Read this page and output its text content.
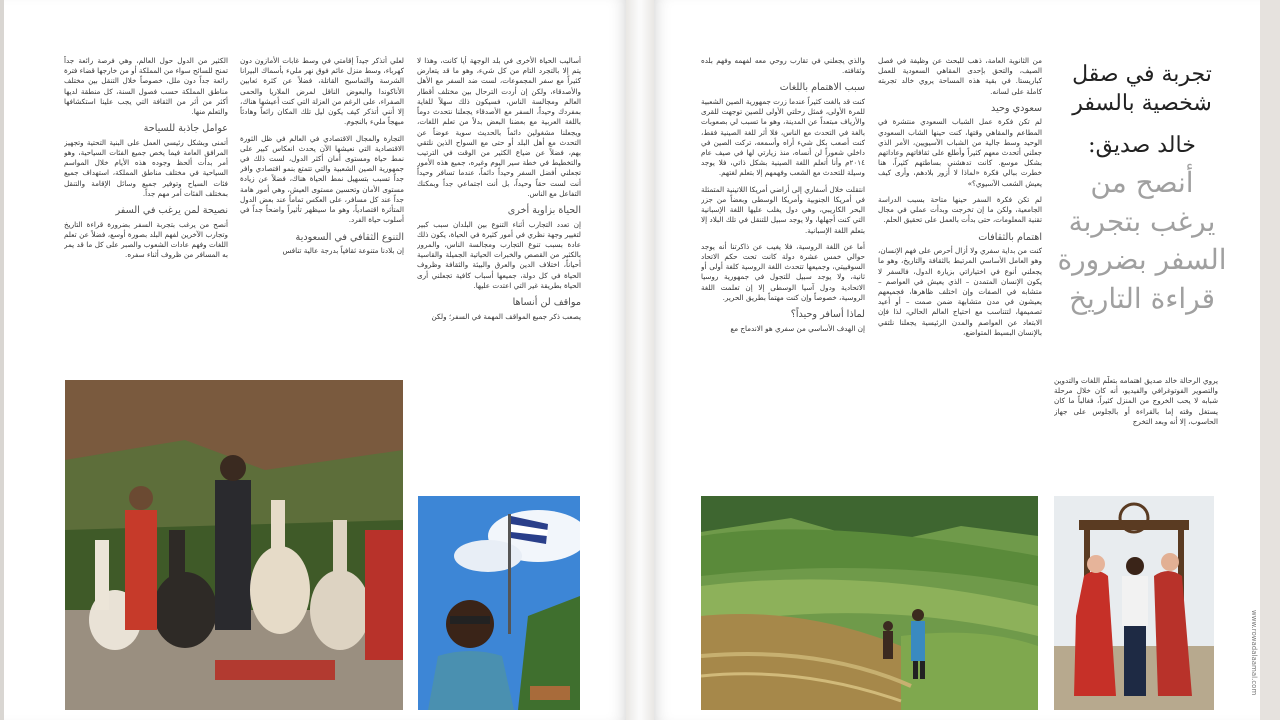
الكثير من الدول حول العالم، وهي فرصة رائعة جداً تمنح للسائح سواء من المملكة أو من خارجها قضاء فترة رائعة جداً دون ملل، خصوصاً خلال التنقل بين مختلف مناطق المملكة حسب فصول السنة، كل منطقة لديها أكثر من أثر من الثقافة التي يجب علينا استكشافها والتعلم منها.

عوامل جاذبة للسياحة

أتمنى وبشكل رئيسي العمل على البنية التحتية وتجهيز المرافق العامة فيما يخص جميع الفئات السياحية، وهو أمر بدأت ألحظ وجوده هذه الأيام خلال المواسم السياحية في مختلف مناطق المملكة، استهداف جميع فئات السياح وتوفير جميع وسائل الإقامة والتنقل بمختلف الفئات أمر مهم جداً.

نصيحة لمن يرغب في السفر

أنصح من يرغب بتجربة السفر بضرورة قراءة التاريخ وتجارب الآخرين لفهم البلد بصورة أوسع، فضلاً عن تعلم اللغات وفهم عادات الشعوب والصبر على كل ما قد يمر به المسافر من ظروف أثناء سفره.

لعلي أتذكر جيداً إقامتي في وسط غابات الأمازون دون كهرباء، وسط منزل عائم فوق نهر مليء بأسماك البيرانا الشرسة والتماسيح القاتلة، فضلاً عن كثرة ثعابين الأناكوندا والبعوض الناقل لمرض الملاريا والحمى الصفراء، على الرغم من العزلة التي كنت أعيشها هناك، إلا أنني أتذكر كيف يكون ليل تلك المكان رائعاً وهادئاً مبهجاً مليء بالنجوم.

التجارة والمجال الاقتصادي في العالم في ظل الثورة الاقتصادية التي نعيشها الآن يحدث انعكاس كبير على نمط حياة ومستوى أمان أكثر الدول، لست ذلك في جمهورية الصين الشعبية والتي تتمتع بنمو اقتصادي وافر جداً تسبب بتسهيل نمط الحياة هناك، فضلاً عن زيادة مستوى الأمان وتحسين مستوى العيش، وهي أمور هامة جداً عند كل مسافر، على العكس تماماً عند بعض الدول المتأثرة اقتصادياً، وهو ما سيظهر تأثيراً واضحاً جداً في أسلوب حياة الفرد.

التنوع الثقافي في السعودية

إن بلادنا متنوعة ثقافياً بدرجة عالية تنافس

أساليب الحياة الأخرى في بلد الوجهة أيا كانت، وهذا لا يتم إلا بالتجرد التام من كل شيء، وهو ما قد يتعارض كثيراً مع سفر المجموعات، لست ضد السفر مع الأهل والأصدقاء، ولكن إن أردت الترحال بين مختلف أقطار العالم ومجالسة الناس، فسيكون ذلك سهلاً للغاية بمفردك وحيداً، السفر مع الأصدقاء يجعلنا نتحدث دوماً باللغة العربية مع بعضنا البعض بدلاً من تعلم اللغات، ويجعلنا مشغولين دائماً بالحديث سوية عوضاً عن التحدث مع أهل البلد أو حتى مع السواح الذين نلتقي بهم، فضلاً عن ضياع الكثير من الوقت في الترتيب والتخطيط في خطة سير اليوم وغيره، جميع هذه الأمور تجعلني أفضل السفر وحيداً دائماً، عندما تسافر وحيداً أنت لست حقاً وحيداً، بل أنت اجتماعي جداً وبمكنك التفاعل مع الناس.

الحياة بزاوية أخرى

إن تعدد التجارب أثناء التنوع بين البلدان سبب كبير لتغيير وجهة نظري في أمور كثيرة في الحياة، يكون ذلك عادة بسبب تنوع التجارب ومجالسة الناس، والمرور بالكثير من القصص والخبرات الحياتية الجميلة والقاسية أحياناً، اختلاف الدين والعرق والبيئة والثقافة وظروف الحياة في كل دولة، جميعها أسباب كافية تجعلني أرى الحياة بطريقة غير التي اعتدت عليها.

مواقف لن أنساها

يصعب ذكر جميع المواقف المهمة في السفر؛ ولكن

والذي يجعلني في تقارب روحي معه لفهمه وفهم بلده وثقافته.

سبب الاهتمام باللغات

كنت قد بالغت كثيراً عندما زرت جمهورية الصين الشعبية للمرة الأولى، فمثل رحلتي الأولى للصين توجهت للقرى والأرياف مبتعداً عن المدينة، وهو ما تسبب لي بصعوبات بالغة في التحدث مع الناس، فلا أثر للغة الصينية فقط، كنت أصعب بكل شيء أراه وأسمعه، تركت الصين في داخلي شعوراً لن أنساه، منذ زيارتي لها في صيف عام ٢٠١٤م وأنا أتعلم اللغة الصينية بشكل ذاتي، فلا يوجد وسيلة للتحدث مع الشعب وفهمهم إلا بتعلم لغتهم.

انتقلت خلال أسفاري إلى أراضي أمريكا اللاتينية المتمثلة في أمريكا الجنوبية وأمريكا الوسطى وبعضاً من جزر البحر الكاريبي، وهي دول يغلب عليها اللغة الإسبانية التي كنت أجهلها، ولا يوجد سبيل للتنقل في تلك البلاد إلا بتعلم اللغة الإسبانية.

أما عن اللغة الروسية، فلا يغيب عن ذاكرتنا أنه يوجد حوالي خمس عشرة دولة كانت تحت حكم الاتحاد السوفييتي، وجميعها تتحدث اللغة الروسية كلغة أولى أو ثانية، ولا يوجد سبيل للتجول في جمهورية روسيا الاتحادية ودول آسيا الوسطى إلا إن تعلمت اللغة الروسية، خصوصاً وإن كنت مهتماً بطريق الحرير.

لماذا أسافر وحيداً؟

إن الهدف الأساسي من سفري هو الاندماج مع

من الثانوية العامة، ذهب للبحث عن وظيفة في فصل الصيف، والتحق بإحدى المقاهي السعودية للعمل كباريستا. في بقية هذه المساحة يروي خالد تجربته كاملة على لسانه.

سعودي وحيد

لم تكن فكرة عمل الشباب السعودي منتشرة في المطاعم والمقاهي وقتها، كنت حينها الشاب السعودي الوحيد وسط جالية من الشباب الآسيويين، الأمر الذي جعلني أتحدث معهم كثيراً وأطلع على ثقافاتهم وعاداتهم بشكل موسع. كانت تدهشني بساطتهم كثيراً، هنا خطرت ببالي فكرة «لماذا لا أزور بلادهم، وأرى كيف يعيش الشعب الآسيوي؟»

لم تكن فكرة السفر حينها متاحة بسبب الدراسة الجامعية، ولكن ما إن تخرجت وبدأت عملي في مجال تقنية المعلومات، حتى بدأت بالعمل على تحقيق الحلم.

اهتمام بالثقافات

كنت من بداية سفري ولا أزال أحرص على فهم الإنسان، وهو العامل الأساسي المرتبط بالثقافة والتاريخ، وهو ما يجعلني أنوع في اختياراتي بزيارة الدول، فالسفر لا يكون الإنسان المتمدن – الذي يعيش في العواصم – متشابه في الصفات وإن اختلف ظاهرها، فجميعهم يعيشون في مدن متشابهة ضمن صمت – أو أعيد تصميمها، لتتناسب مع احتياج العالم الحالي، لذا فإن الابتعاد عن العواصم والمدن الرئيسية يجعلنا نلتقي بالإنسان البسيط المتواضع،

تجربة في صقل شخصية بالسفر
خالد صديق:
أنصح من يرغب بتجربة السفر بضرورة قراءة التاريخ

يروي الرحالة خالد صديق اهتمامه بتعلّم اللغات والتدوين والتصوير الفوتوغرافي والفيديو، أنه كان خلال مرحلة شبابه لا يحب الخروج من المنزل كثيراً، فغالباً ما كان يستغل وقته إما بالقراءة أو بالجلوس على جهاز الحاسوب، إلا أنه وبعد التخرج

www.rowadalaamal.com
